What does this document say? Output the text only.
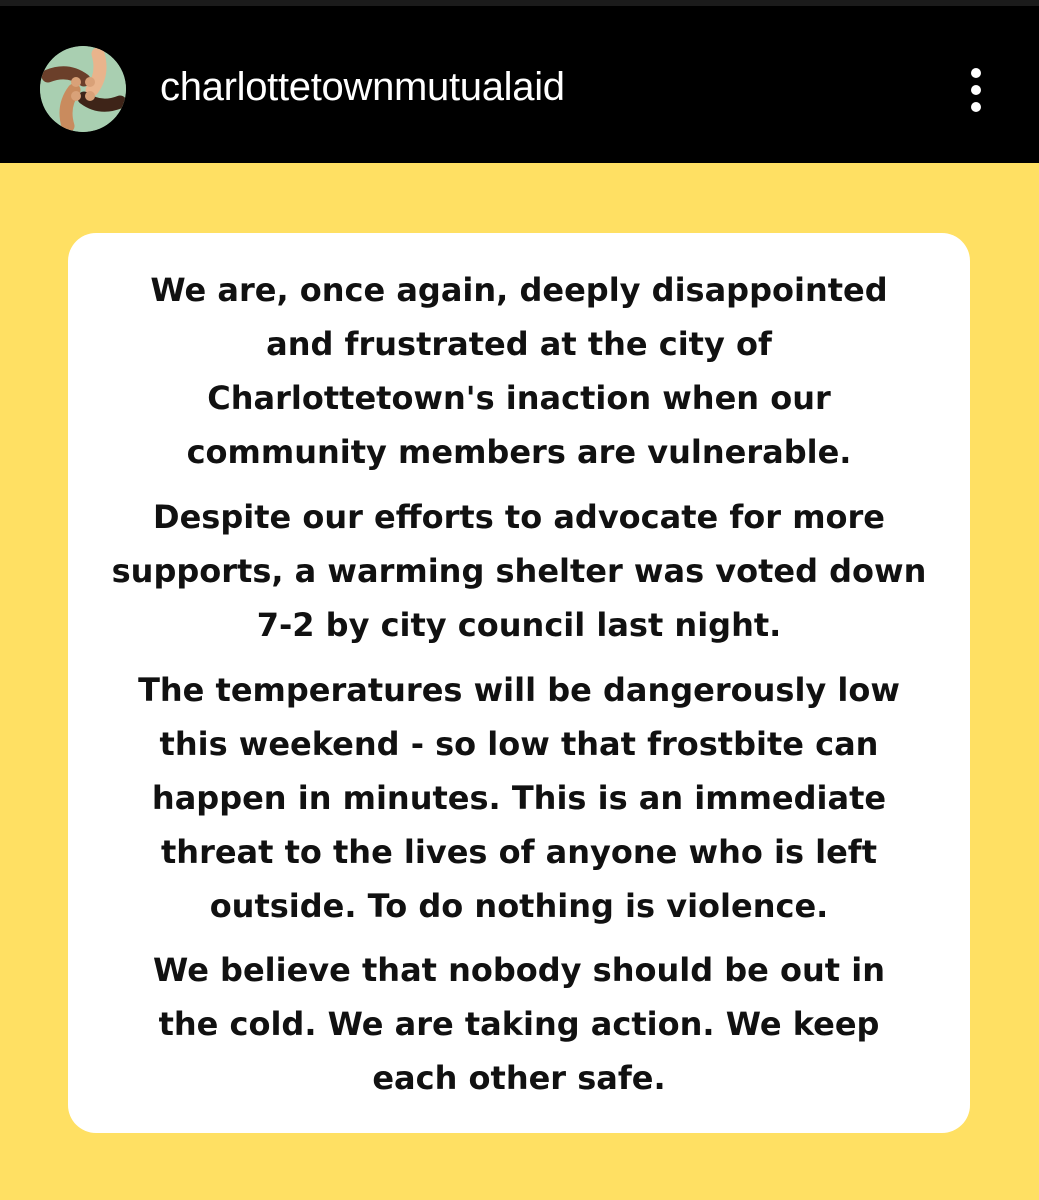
charlottetownmutualaid

We are, once again, deeply disappointed
and frustrated at the city of
Charlottetown's inaction when our
community members are vulnerable.

Despite our efforts to advocate for more
supports, a warming shelter was voted down
7-2 by city council last night.

The temperatures will be dangerously low
this weekend - so low that frostbite can
happen in minutes. This is an immediate
threat to the lives of anyone who is left
outside. To do nothing is violence.

We believe that nobody should be out in
the cold. We are taking action. We keep
each other safe.
